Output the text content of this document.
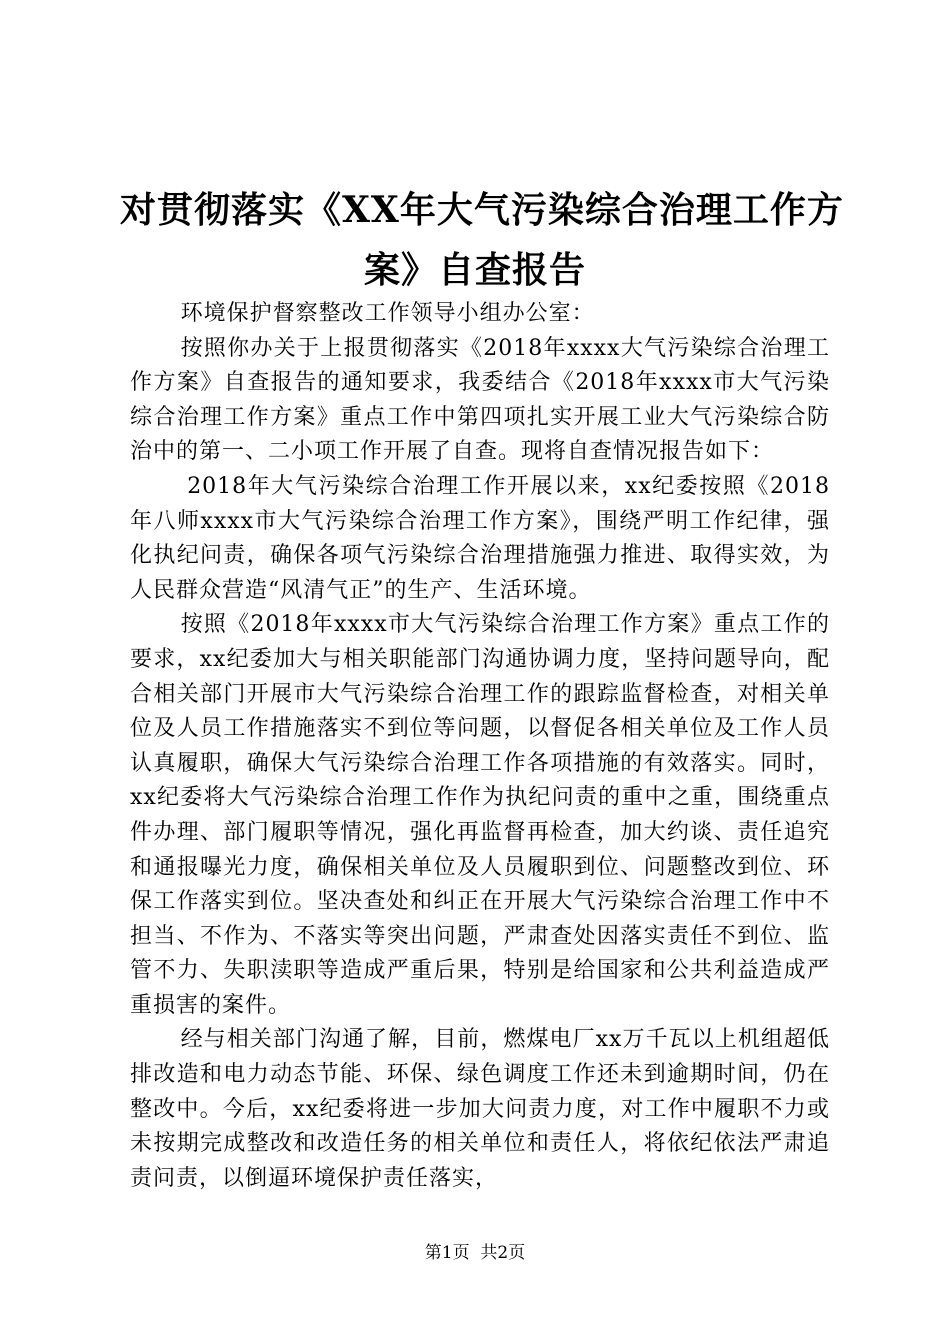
对贯彻落实《XX年大气污染综合治理工作方
案》自查报告

环境保护督察整改工作领导小组办公室：

按照你办关于上报贯彻落实《2018年xxxx大气污染综合治理工作方案》自查报告的通知要求，我委结合《2018年xxxx市大气污染综合治理工作方案》重点工作中第四项扎实开展工业大气污染综合防治中的第一、二小项工作开展了自查。现将自查情况报告如下：

2018年大气污染综合治理工作开展以来，xx纪委按照《2018年八师xxxx市大气污染综合治理工作方案》，围绕严明工作纪律，强化执纪问责，确保各项气污染综合治理措施强力推进、取得实效，为人民群众营造“风清气正”的生产、生活环境。

按照《2018年xxxx市大气污染综合治理工作方案》重点工作的要求，xx纪委加大与相关职能部门沟通协调力度，坚持问题导向，配合相关部门开展市大气污染综合治理工作的跟踪监督检查，对相关单位及人员工作措施落实不到位等问题，以督促各相关单位及工作人员认真履职，确保大气污染综合治理工作各项措施的有效落实。同时，xx纪委将大气污染综合治理工作作为执纪问责的重中之重，围绕重点件办理、部门履职等情况，强化再监督再检查，加大约谈、责任追究和通报曝光力度，确保相关单位及人员履职到位、问题整改到位、环保工作落实到位。坚决查处和纠正在开展大气污染综合治理工作中不担当、不作为、不落实等突出问题，严肃查处因落实责任不到位、监管不力、失职渎职等造成严重后果，特别是给国家和公共利益造成严重损害的案件。

经与相关部门沟通了解，目前，燃煤电厂xx万千瓦以上机组超低排改造和电力动态节能、环保、绿色调度工作还未到逾期时间，仍在整改中。今后，xx纪委将进一步加大问责力度，对工作中履职不力或未按期完成整改和改造任务的相关单位和责任人，将依纪依法严肃追责问责，以倒逼环境保护责任落实，

第1页 共2页
